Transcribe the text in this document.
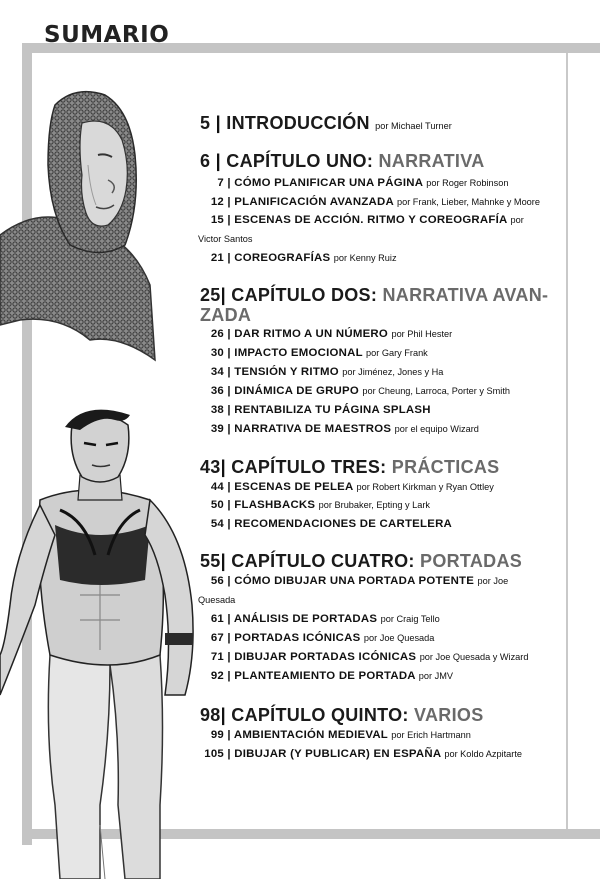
SUMARIO
5 | INTRODUCCIÓN por Michael Turner
6 | CAPÍTULO UNO: NARRATIVA
7 | CÓMO PLANIFICAR UNA PÁGINA por Roger Robinson
12 | PLANIFICACIÓN AVANZADA por Frank, Lieber, Mahnke y Moore
15 | ESCENAS DE ACCIÓN. RITMO Y COREOGRAFÍA por
Victor Santos
21 | COREOGRAFÍAS por Kenny Ruiz
25| CAPÍTULO DOS: NARRATIVA AVAN-
ZADA
26 | DAR RITMO A UN NÚMERO por Phil Hester
30 | IMPACTO EMOCIONAL por Gary Frank
34 | TENSIÓN Y RITMO por Jiménez, Jones y Ha
36 | DINÁMICA DE GRUPO por Cheung, Larroca, Porter y Smith
38 | RENTABILIZA TU PÁGINA SPLASH
39 | NARRATIVA DE MAESTROS por el equipo Wizard
43| CAPÍTULO TRES: PRÁCTICAS
44 | ESCENAS DE PELEA por Robert Kirkman y Ryan Ottley
50 | FLASHBACKS por Brubaker, Epting y Lark
54 | RECOMENDACIONES DE CARTELERA
55| CAPÍTULO CUATRO: PORTADAS
56 | CÓMO DIBUJAR UNA PORTADA POTENTE por Joe
Quesada
61 | ANÁLISIS DE PORTADAS por Craig Tello
67 | PORTADAS ICÓNICAS por Joe Quesada
71 | DIBUJAR PORTADAS ICÓNICAS por Joe Quesada y Wizard
92 | PLANTEAMIENTO DE PORTADA por JMV
98| CAPÍTULO QUINTO: VARIOS
99 | AMBIENTACIÓN MEDIEVAL por Erich Hartmann
105 | DIBUJAR (Y PUBLICAR) EN ESPAÑA por Koldo Azpitarte
